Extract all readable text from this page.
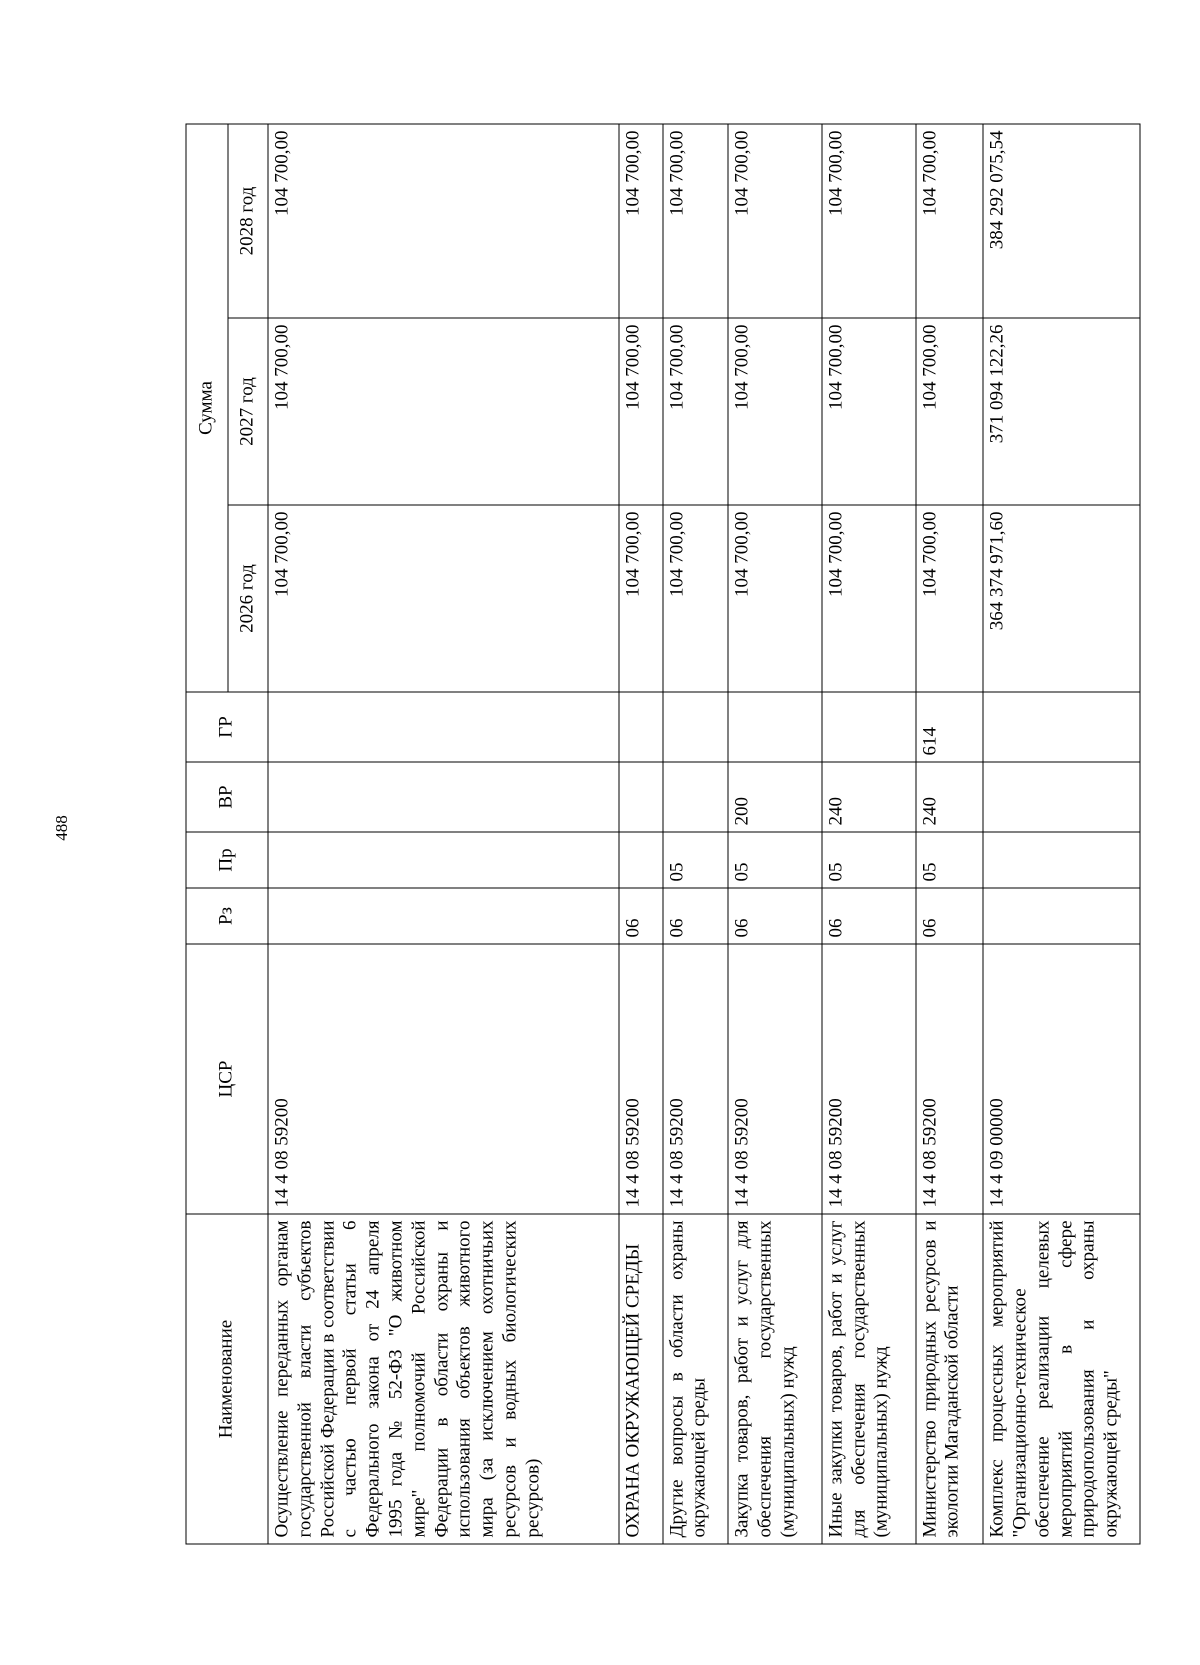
488
Наименование	ЦСР	Рз	Пр	ВР	ГР	Сумма		
						2026 год	2027 год	2028 год
Осуществление переданных органам государственной власти субъектов Российской Федерации в соответствии с частью первой статьи 6 Федерального закона от 24 апреля 1995 года № 52-ФЗ "О животном мире" полномочий Российской Федерации в области охраны и использования объектов животного мира (за исключением охотничьих ресурсов и водных биологических ресурсов)	14 4 08 59200					104 700,00	104 700,00	104 700,00
ОХРАНА ОКРУЖАЮЩЕЙ СРЕДЫ	14 4 08 59200	06				104 700,00	104 700,00	104 700,00
Другие вопросы в области охраны окружающей среды	14 4 08 59200	06	05			104 700,00	104 700,00	104 700,00
Закупка товаров, работ и услуг для обеспечения государственных (муниципальных) нужд	14 4 08 59200	06	05	200		104 700,00	104 700,00	104 700,00
Иные закупки товаров, работ и услуг для обеспечения государственных (муниципальных) нужд	14 4 08 59200	06	05	240		104 700,00	104 700,00	104 700,00
Министерство природных ресурсов и экологии Магаданской области	14 4 08 59200	06	05	240	614	104 700,00	104 700,00	104 700,00
Комплекс процессных мероприятий "Организационно-техническое обеспечение реализации целевых мероприятий в сфере природопользования и охраны окружающей среды"	14 4 09 00000					364 374 971,60	371 094 122,26	384 292 075,54
